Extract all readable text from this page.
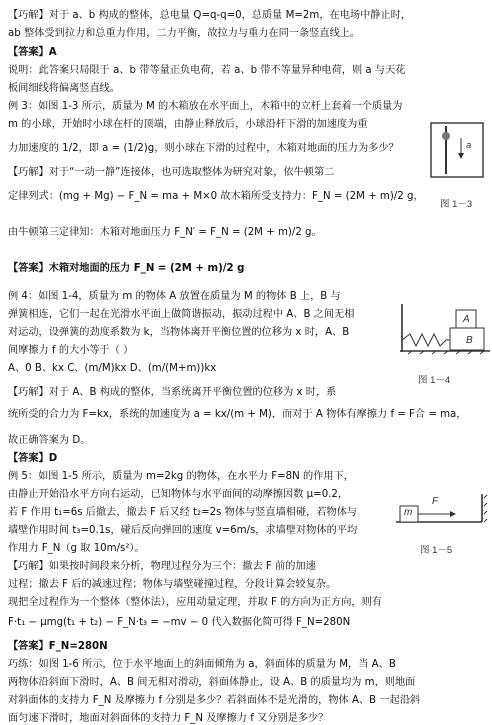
【巧解】对于 a、b 构成的整体，总电量 Q=q-q=0，总质量 M=2m，在电场中静止时，
ab 整体受到拉力和总重力作用，二力平衡，故拉力与重力在同一条竖直线上。
【答案】A
说明：此答案只局限于 a、b 带等量正负电荷，若 a、b 带不等量异种电荷，则 a 与天花
板间细线将偏离竖直线。
例 3：如图 1-3 所示，质量为 M 的木箱放在水平面上，木箱中的立杆上套着一个质量为
m 的小球，开始时小球在杆的顶端，由静止释放后，小球沿杆下滑的加速度为重
力加速度的 1/2，即 a = (1/2)g，则小球在下滑的过程中，木箱对地面的压力为多少？
【巧解】对于“一动一静”连接体，也可选取整体为研究对象，依牛顿第二
定律列式：(mg + Mg) − F_N = ma + M×0 故木箱所受支持力：F_N = (2M + m)/2 g，
由牛顿第三定律知：木箱对地面压力 F_N′ = F_N = (2M + m)/2 g。
【答案】木箱对地面的压力 F_N = (2M + m)/2 g
例 4：如图 1-4，质量为 m 的物体 A 放置在质量为 M 的物体 B 上，B 与
弹簧相连，它们一起在光滑水平面上做简谐振动，振动过程中 A、B 之间无相
对运动，设弹簧的劲度系数为 k，当物体离开平衡位置的位移为 x 时，A、B
间摩擦力 f 的大小等于（ ）
A、0 B、kx C、(m/M)kx D、(m/(M+m))kx
【巧解】对于 A、B 构成的整体，当系统离开平衡位置的位移为 x 时，系
统所受的合力为 F=kx，系统的加速度为 a = kx/(m + M)，而对于 A 物体有摩擦力 f = F合 = ma，
故正确答案为 D。
【答案】D
例 5：如图 1-5 所示，质量为 m=2kg 的物体，在水平力 F=8N 的作用下，
由静止开始沿水平方向右运动，已知物体与水平面间的动摩擦因数 μ=0.2，
若 F 作用 t₁=6s 后撤去，撤去 F 后又经 t₂=2s 物体与竖直墙相碰，若物体与
墙壁作用时间 t₃=0.1s，碰后反向弹回的速度 v=6m/s，求墙壁对物体的平均
作用力 F_N（g 取 10m/s²）。
【巧解】如果按时间段来分析，物理过程分为三个：撤去 F 前的加速
过程；撤去 F 后的减速过程；物体与墙壁碰撞过程，分段计算会较复杂。
现把全过程作为一个整体（整体法），应用动量定理，并取 F 的方向为正方向，则有
F·t₁ − μmg(t₁ + t₂) − F_N·t₃ = −mv − 0 代入数据化简可得 F_N=280N
【答案】F_N=280N
巧练：如图 1-6 所示，位于水平地面上的斜面倾角为 a，斜面体的质量为 M，当 A、B
两物体沿斜面下滑时，A、B 间无相对滑动，斜面体静止，设 A、B 的质量均为 m，则地面
对斜面体的支持力 F_N 及摩擦力 f 分别是多少？若斜面体不是光滑的，物体 A、B 一起沿斜
面匀速下滑时，地面对斜面体的支持力 F_N 及摩擦力 f 又分别是多少？
a
图 1－3
A
B
图 1－4
m
F
图 1－5
